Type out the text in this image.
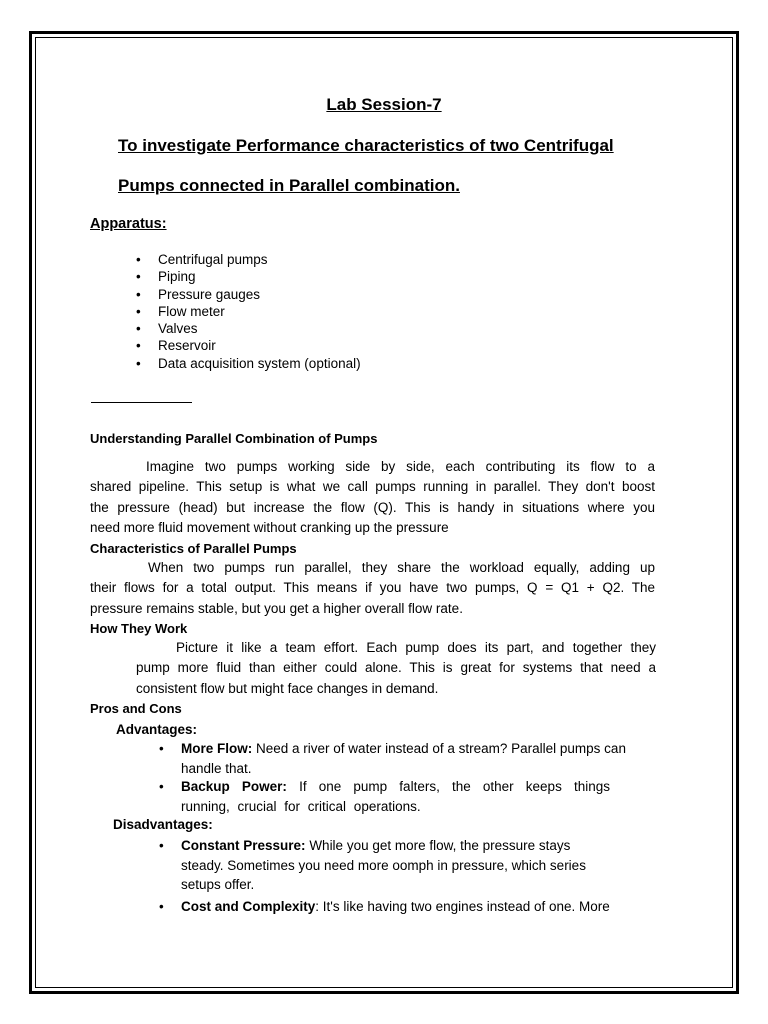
Lab Session-7
To investigate Performance characteristics of two Centrifugal
Pumps connected in Parallel combination.
Apparatus:
• Centrifugal pumps
• Piping
• Pressure gauges
• Flow meter
• Valves
• Reservoir
• Data acquisition system (optional)
Understanding Parallel Combination of Pumps
Imagine two pumps working side by side, each contributing its flow to a
shared pipeline. This setup is what we call pumps running in parallel. They don't boost
the pressure (head) but increase the flow (Q). This is handy in situations where you
need more fluid movement without cranking up the pressure
Characteristics of Parallel Pumps
When two pumps run parallel, they share the workload equally, adding up
their flows for a total output. This means if you have two pumps, Q = Q1 + Q2. The
pressure remains stable, but you get a higher overall flow rate.
How They Work
Picture it like a team effort. Each pump does its part, and together they
pump more fluid than either could alone. This is great for systems that need a
consistent flow but might face changes in demand.
Pros and Cons
Advantages:
• More Flow: Need a river of water instead of a stream? Parallel pumps can
handle that.
• Backup Power: If one pump falters, the other keeps things
running, crucial for critical operations.
Disadvantages:
• Constant Pressure: While you get more flow, the pressure stays
steady. Sometimes you need more oomph in pressure, which series
setups offer.
• Cost and Complexity: It's like having two engines instead of one. More
